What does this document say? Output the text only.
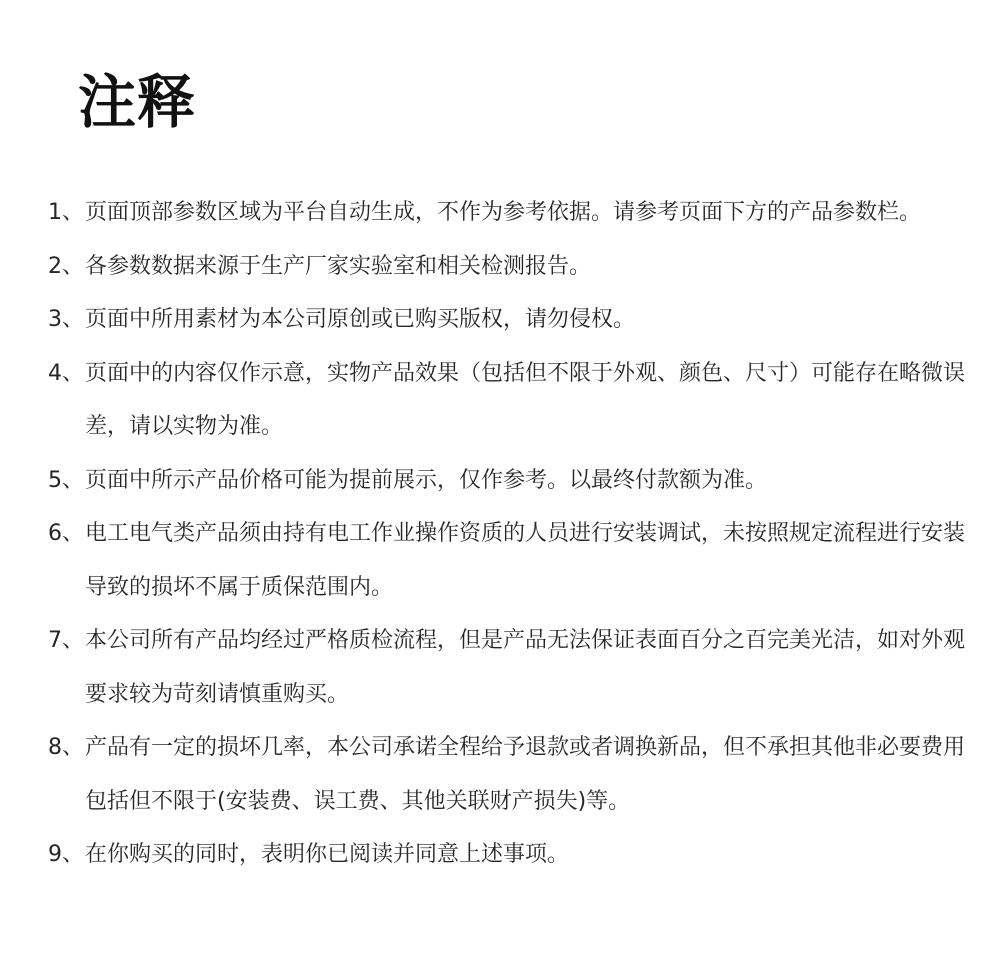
注释
1、 页面顶部参数区域为平台自动生成，不作为参考依据。请参考页面下方的产品参数栏。
2、 各参数数据来源于生产厂家实验室和相关检测报告。
3、 页面中所用素材为本公司原创或已购买版权，请勿侵权。
4、 页面中的内容仅作示意，实物产品效果（包括但不限于外观、颜色、尺寸）可能存在略微误差，请以实物为准。
5、 页面中所示产品价格可能为提前展示，仅作参考。以最终付款额为准。
6、 电工电气类产品须由持有电工作业操作资质的人员进行安装调试，未按照规定流程进行安装导致的损坏不属于质保范围内。
7、 本公司所有产品均经过严格质检流程，但是产品无法保证表面百分之百完美光洁，如对外观要求较为苛刻请慎重购买。
8、 产品有一定的损坏几率，本公司承诺全程给予退款或者调换新品，但不承担其他非必要费用包括但不限于(安装费、误工费、其他关联财产损失)等。
9、 在你购买的同时，表明你已阅读并同意上述事项。
